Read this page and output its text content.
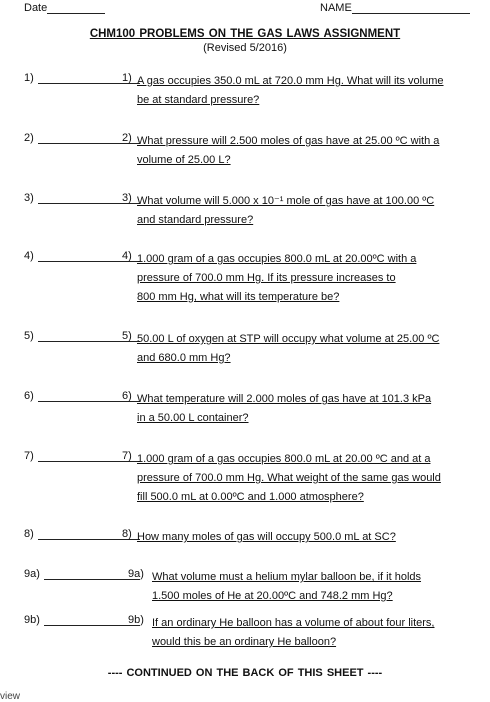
Date	NAME
CHM100 PROBLEMS ON THE GAS LAWS ASSIGNMENT
(Revised 5/2016)
1)	1) A gas occupies 350.0 mL at 720.0 mm Hg. What will its volume
be at standard pressure?
2)	2) What pressure will 2.500 moles of gas have at 25.00 ºC with a
volume of 25.00 L?
3)	3) What volume will 5.000 x 10⁻¹ mole of gas have at 100.00 ºC
and standard pressure?
4)	4) 1.000 gram of a gas occupies 800.0 mL at 20.00ºC with a
pressure of 700.0 mm Hg. If its pressure increases to
800 mm Hg, what will its temperature be?
5)	5) 50.00 L of oxygen at STP will occupy what volume at 25.00 ºC
and 680.0 mm Hg?
6)	6) What temperature will 2.000 moles of gas have at 101.3 kPa
in a 50.00 L container?
7)	7) 1.000 gram of a gas occupies 800.0 mL at 20.00 ºC and at a
pressure of 700.0 mm Hg. What weight of the same gas would
fill 500.0 mL at 0.00ºC and 1.000 atmosphere?
8)	8) How many moles of gas will occupy 500.0 mL at SC?
9a)	9a) What volume must a helium mylar balloon be, if it holds
1.500 moles of He at 20.00ºC and 748.2 mm Hg?
9b)	9b) If an ordinary He balloon has a volume of about four liters,
would this be an ordinary He balloon?
---- CONTINUED ON THE BACK OF THIS SHEET ----
view
